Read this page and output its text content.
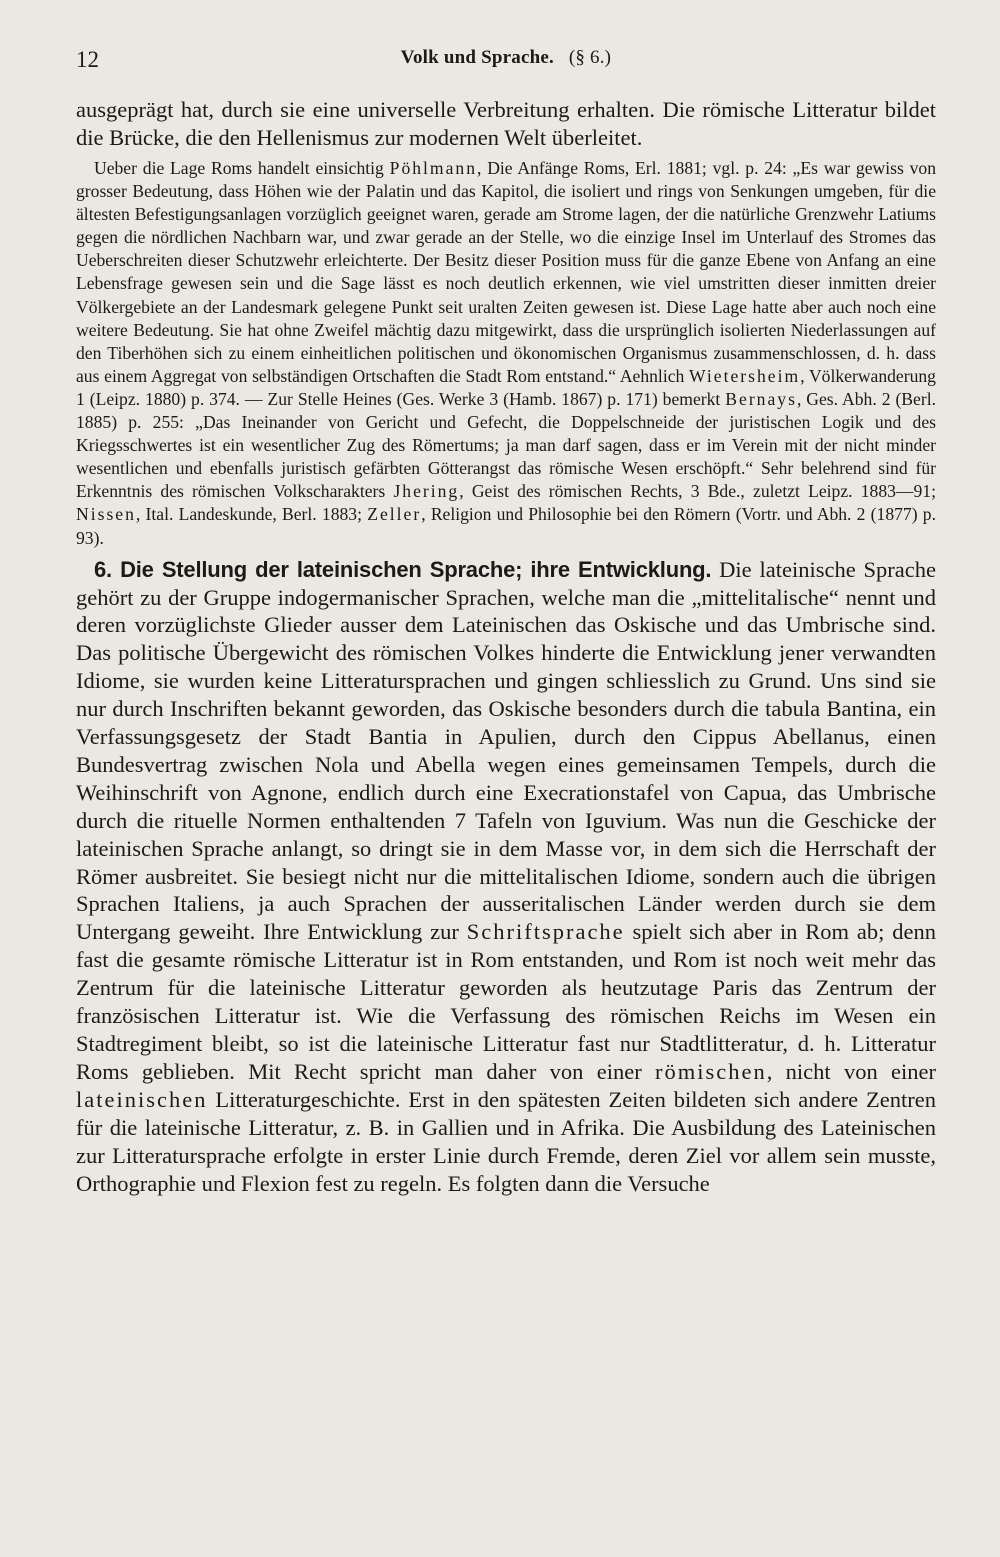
12	Volk und Sprache. (§ 6.)

ausgeprägt hat, durch sie eine universelle Verbreitung erhalten. Die römische Litteratur bildet die Brücke, die den Hellenismus zur modernen Welt überleitet.

Ueber die Lage Roms handelt einsichtig Pöhlmann, Die Anfänge Roms, Erl. 1881; vgl. p. 24: „Es war gewiss von grosser Bedeutung, dass Höhen wie der Palatin und das Kapitol, die isoliert und rings von Senkungen umgeben, für die ältesten Befestigungsanlagen vorzüglich geeignet waren, gerade am Strome lagen, der die natürliche Grenzwehr Latiums gegen die nördlichen Nachbarn war, und zwar gerade an der Stelle, wo die einzige Insel im Unterlauf des Stromes das Ueberschreiten dieser Schutzwehr erleichterte. Der Besitz dieser Position muss für die ganze Ebene von Anfang an eine Lebensfrage gewesen sein und die Sage lässt es noch deutlich erkennen, wie viel umstritten dieser inmitten dreier Völkergebiete an der Landesmark gelegene Punkt seit uralten Zeiten gewesen ist. Diese Lage hatte aber auch noch eine weitere Bedeutung. Sie hat ohne Zweifel mächtig dazu mitgewirkt, dass die ursprünglich isolierten Niederlassungen auf den Tiberhöhen sich zu einem einheitlichen politischen und ökonomischen Organismus zusammenschlossen, d. h. dass aus einem Aggregat von selbständigen Ortschaften die Stadt Rom entstand.“ Aehnlich Wietersheim, Völkerwanderung 1 (Leipz. 1880) p. 374. — Zur Stelle Heines (Ges. Werke 3 (Hamb. 1867) p. 171) bemerkt Bernays, Ges. Abh. 2 (Berl. 1885) p. 255: „Das Ineinander von Gericht und Gefecht, die Doppelschneide der juristischen Logik und des Kriegsschwertes ist ein wesentlicher Zug des Römertums; ja man darf sagen, dass er im Verein mit der nicht minder wesentlichen und ebenfalls juristisch gefärbten Götterangst das römische Wesen erschöpft.“ Sehr belehrend sind für Erkenntnis des römischen Volkscharakters Jhering, Geist des römischen Rechts, 3 Bde., zuletzt Leipz. 1883—91; Nissen, Ital. Landeskunde, Berl. 1883; Zeller, Religion und Philosophie bei den Römern (Vortr. und Abh. 2 (1877) p. 93).

6. Die Stellung der lateinischen Sprache; ihre Entwicklung. Die lateinische Sprache gehört zu der Gruppe indogermanischer Sprachen, welche man die „mittelitalische“ nennt und deren vorzüglichste Glieder ausser dem Lateinischen das Oskische und das Umbrische sind. Das politische Übergewicht des römischen Volkes hinderte die Entwicklung jener verwandten Idiome, sie wurden keine Litteratursprachen und gingen schliesslich zu Grund. Uns sind sie nur durch Inschriften bekannt geworden, das Oskische besonders durch die tabula Bantina, ein Verfassungsgesetz der Stadt Bantia in Apulien, durch den Cippus Abellanus, einen Bundesvertrag zwischen Nola und Abella wegen eines gemeinsamen Tempels, durch die Weihinschrift von Agnone, endlich durch eine Execrationstafel von Capua, das Umbrische durch die rituelle Normen enthaltenden 7 Tafeln von Iguvium. Was nun die Geschicke der lateinischen Sprache anlangt, so dringt sie in dem Masse vor, in dem sich die Herrschaft der Römer ausbreitet. Sie besiegt nicht nur die mittelitalischen Idiome, sondern auch die übrigen Sprachen Italiens, ja auch Sprachen der ausseritalischen Länder werden durch sie dem Untergang geweiht. Ihre Entwicklung zur Schriftsprache spielt sich aber in Rom ab; denn fast die gesamte römische Litteratur ist in Rom entstanden, und Rom ist noch weit mehr das Zentrum für die lateinische Litteratur geworden als heutzutage Paris das Zentrum der französischen Litteratur ist. Wie die Verfassung des römischen Reichs im Wesen ein Stadtregiment bleibt, so ist die lateinische Litteratur fast nur Stadtlitteratur, d. h. Litteratur Roms geblieben. Mit Recht spricht man daher von einer römischen, nicht von einer lateinischen Litteraturgeschichte. Erst in den spätesten Zeiten bildeten sich andere Zentren für die lateinische Litteratur, z. B. in Gallien und in Afrika. Die Ausbildung des Lateinischen zur Litteratursprache erfolgte in erster Linie durch Fremde, deren Ziel vor allem sein musste, Orthographie und Flexion fest zu regeln. Es folgten dann die Versuche
